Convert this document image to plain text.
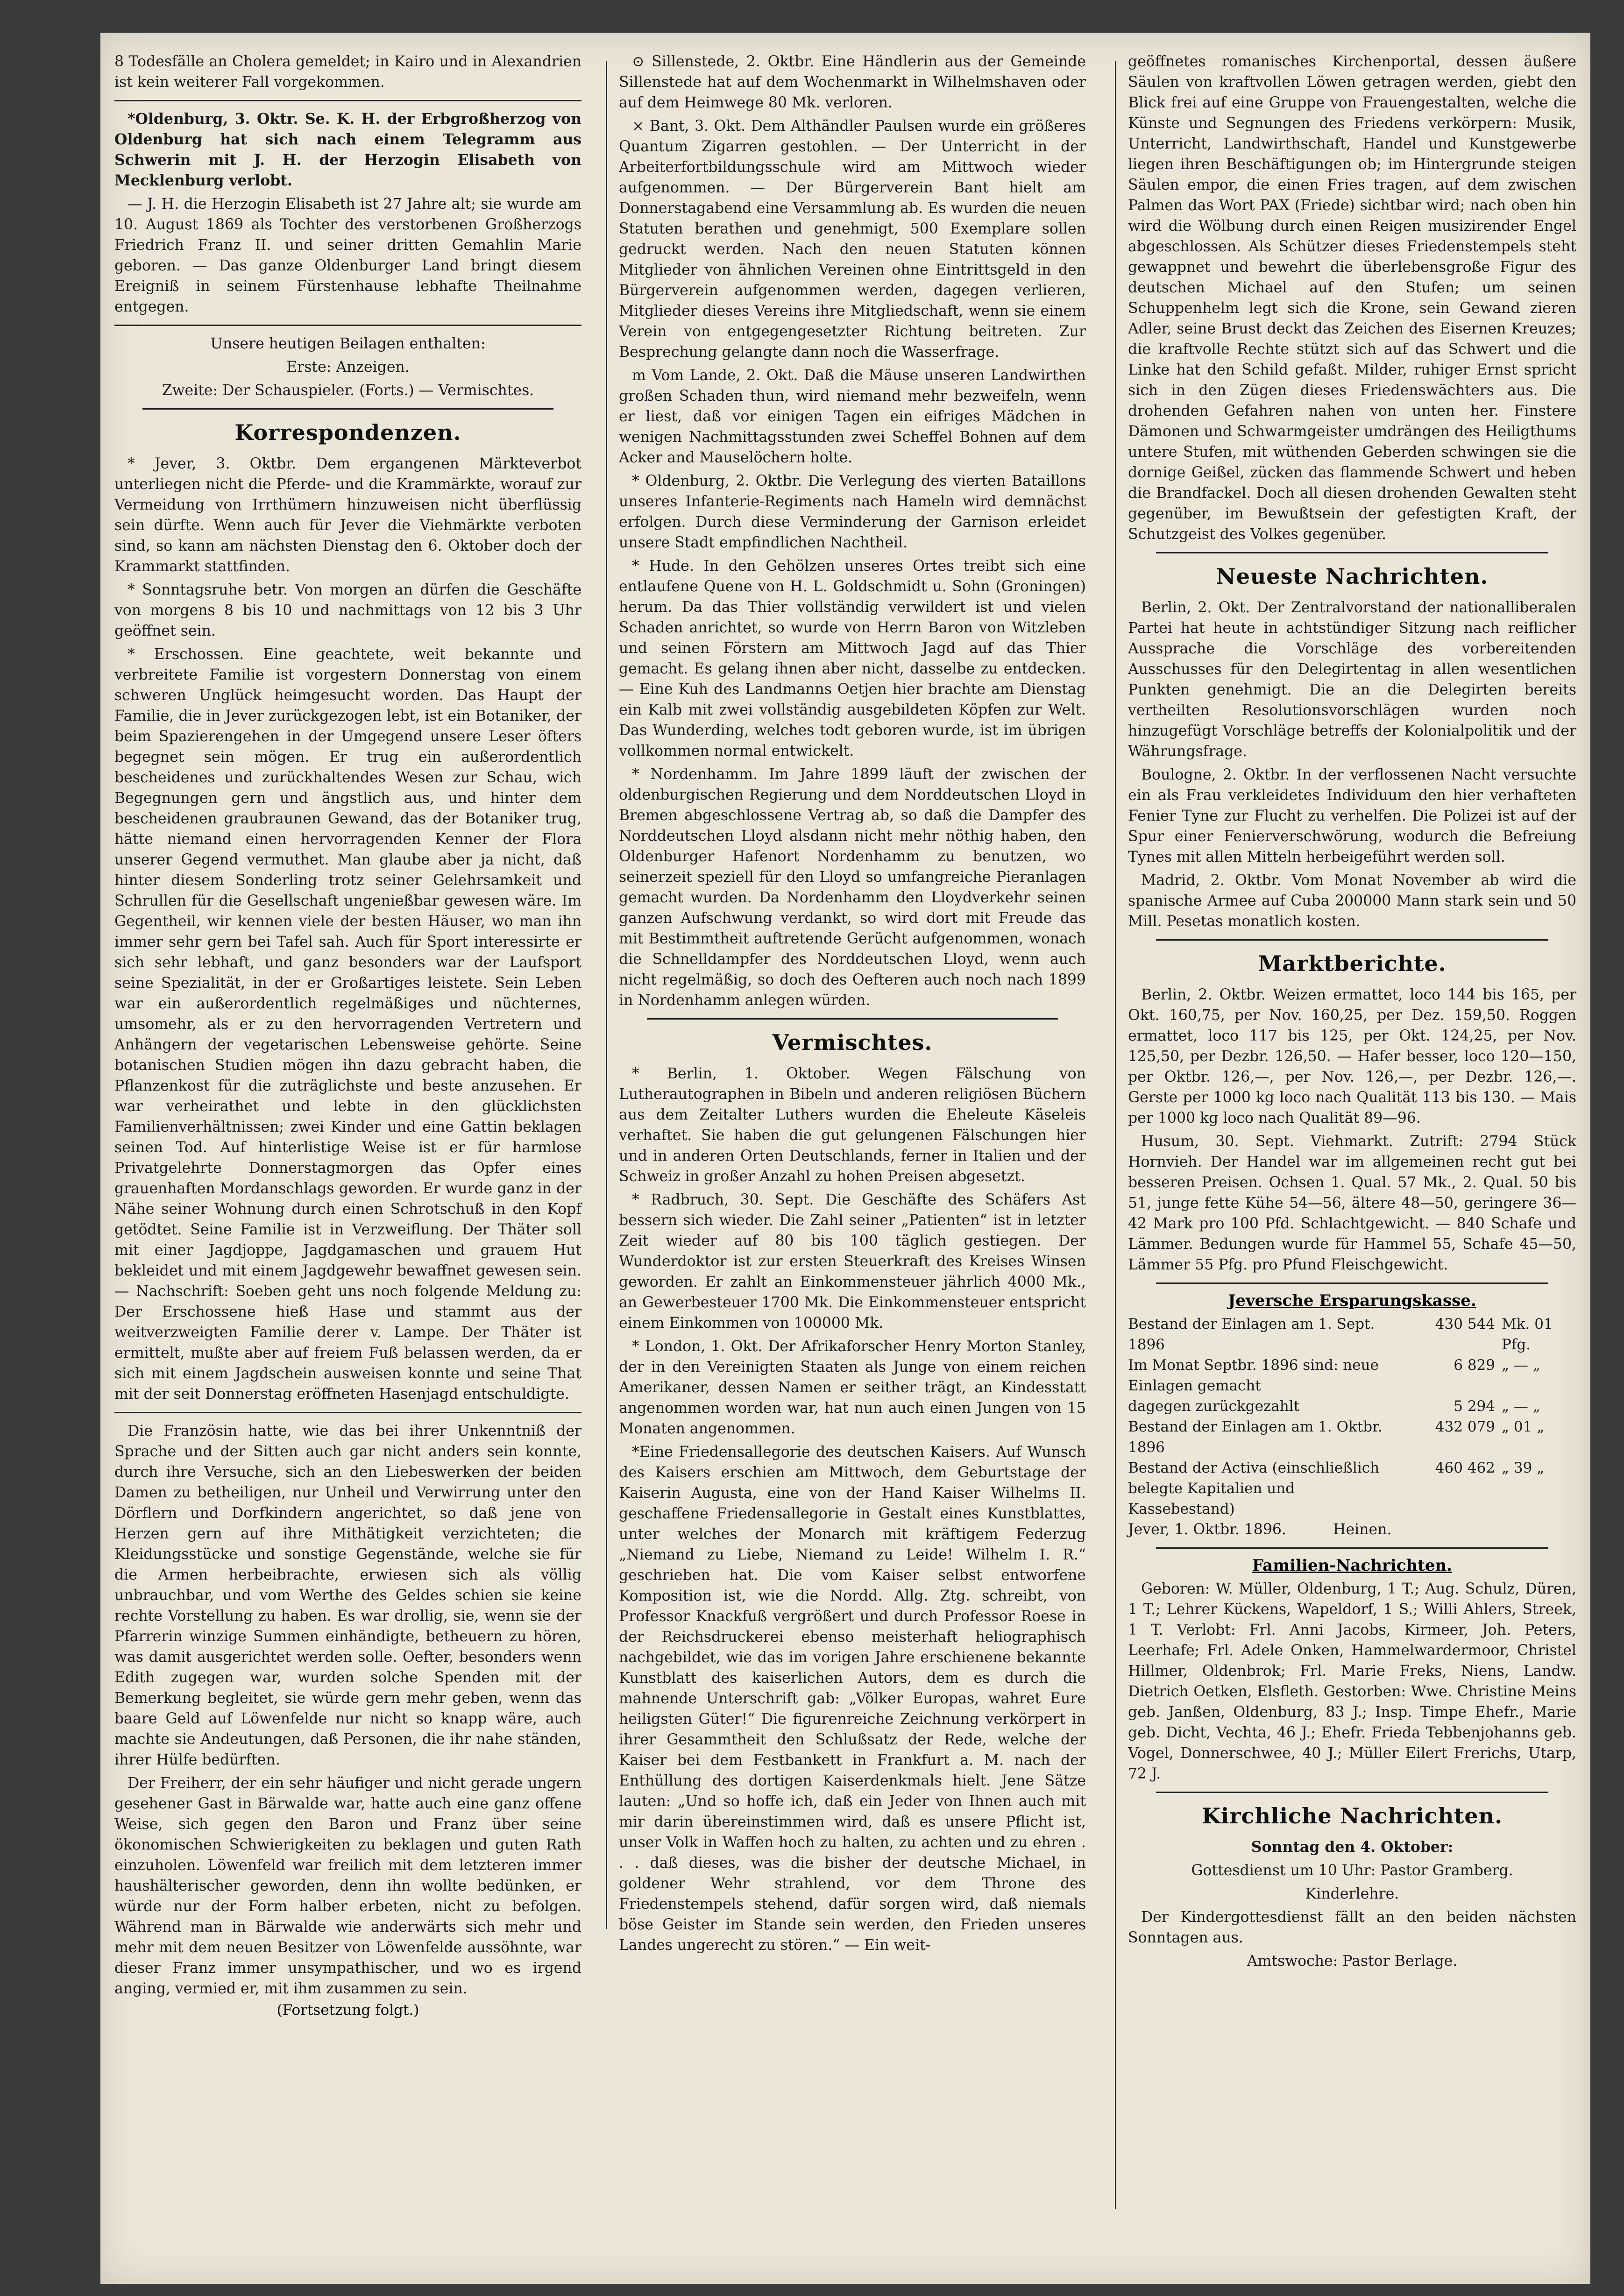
8 Todesfälle an Cholera gemeldet; in Kairo und in Alexandrien ist kein weiterer Fall vorgekommen.

*Oldenburg, 3. Oktr. Se. K. H. der Erbgroßherzog von Oldenburg hat sich nach einem Telegramm aus Schwerin mit J. H. der Herzogin Elisabeth von Mecklenburg verlobt.

— J. H. die Herzogin Elisabeth ist 27 Jahre alt; sie wurde am 10. August 1869 als Tochter des verstorbenen Großherzogs Friedrich Franz II. und seiner dritten Gemahlin Marie geboren. — Das ganze Oldenburger Land bringt diesem Ereigniß in seinem Fürstenhause lebhafte Theilnahme entgegen.

Unsere heutigen Beilagen enthalten:

Erste: Anzeigen.

Zweite: Der Schauspieler. (Forts.) — Vermischtes.

Korrespondenzen.

* Jever, 3. Oktbr. Dem ergangenen Märkteverbot unterliegen nicht die Pferde- und die Krammärkte, worauf zur Vermeidung von Irrthümern hinzuweisen nicht überflüssig sein dürfte. Wenn auch für Jever die Viehmärkte verboten sind, so kann am nächsten Dienstag den 6. Oktober doch der Krammarkt stattfinden.

* Sonntagsruhe betr. Von morgen an dürfen die Geschäfte von morgens 8 bis 10 und nachmittags von 12 bis 3 Uhr geöffnet sein.

* Erschossen. Eine geachtete, weit bekannte und verbreitete Familie ist vorgestern Donnerstag von einem schweren Unglück heimgesucht worden. Das Haupt der Familie, die in Jever zurückgezogen lebt, ist ein Botaniker, der beim Spazierengehen in der Umgegend unsere Leser öfters begegnet sein mögen. Er trug ein außerordentlich bescheidenes und zurückhaltendes Wesen zur Schau, wich Begegnungen gern und ängstlich aus, und hinter dem bescheidenen graubraunen Gewand, das der Botaniker trug, hätte niemand einen hervorragenden Kenner der Flora unserer Gegend vermuthet. Man glaube aber ja nicht, daß hinter diesem Sonderling trotz seiner Gelehrsamkeit und Schrullen für die Gesellschaft ungenießbar gewesen wäre. Im Gegentheil, wir kennen viele der besten Häuser, wo man ihn immer sehr gern bei Tafel sah. Auch für Sport interessirte er sich sehr lebhaft, und ganz besonders war der Laufsport seine Spezialität, in der er Großartiges leistete. Sein Leben war ein außerordentlich regelmäßiges und nüchternes, umsomehr, als er zu den hervorragenden Vertretern und Anhängern der vegetarischen Lebensweise gehörte. Seine botanischen Studien mögen ihn dazu gebracht haben, die Pflanzenkost für die zuträglichste und beste anzusehen. Er war verheirathet und lebte in den glücklichsten Familienverhältnissen; zwei Kinder und eine Gattin beklagen seinen Tod. Auf hinterlistige Weise ist er für harmlose Privatgelehrte Donnerstagmorgen das Opfer eines grauenhaften Mordanschlags geworden. Er wurde ganz in der Nähe seiner Wohnung durch einen Schrotschuß in den Kopf getödtet. Seine Familie ist in Verzweiflung. Der Thäter soll mit einer Jagdjoppe, Jagdgamaschen und grauem Hut bekleidet und mit einem Jagdgewehr bewaffnet gewesen sein. — Nachschrift: Soeben geht uns noch folgende Meldung zu: Der Erschossene hieß Hase und stammt aus der weitverzweigten Familie derer v. Lampe. Der Thäter ist ermittelt, mußte aber auf freiem Fuß belassen werden, da er sich mit einem Jagdschein ausweisen konnte und seine That mit der seit Donnerstag eröffneten Hasenjagd entschuldigte.

Die Französin hatte, wie das bei ihrer Unkenntniß der Sprache und der Sitten auch gar nicht anders sein konnte, durch ihre Versuche, sich an den Liebeswerken der beiden Damen zu betheiligen, nur Unheil und Verwirrung unter den Dörflern und Dorfkindern angerichtet, so daß jene von Herzen gern auf ihre Mithätigkeit verzichteten; die Kleidungsstücke und sonstige Gegenstände, welche sie für die Armen herbeibrachte, erwiesen sich als völlig unbrauchbar, und vom Werthe des Geldes schien sie keine rechte Vorstellung zu haben. Es war drollig, sie, wenn sie der Pfarrerin winzige Summen einhändigte, betheuern zu hören, was damit ausgerichtet werden solle. Oefter, besonders wenn Edith zugegen war, wurden solche Spenden mit der Bemerkung begleitet, sie würde gern mehr geben, wenn das baare Geld auf Löwenfelde nur nicht so knapp wäre, auch machte sie Andeutungen, daß Personen, die ihr nahe ständen, ihrer Hülfe bedürften.

Der Freiherr, der ein sehr häufiger und nicht gerade ungern gesehener Gast in Bärwalde war, hatte auch eine ganz offene Weise, sich gegen den Baron und Franz über seine ökonomischen Schwierigkeiten zu beklagen und guten Rath einzuholen. Löwenfeld war freilich mit dem letzteren immer haushälterischer geworden, denn ihn wollte bedünken, er würde nur der Form halber erbeten, nicht zu befolgen. Während man in Bärwalde wie anderwärts sich mehr und mehr mit dem neuen Besitzer von Löwenfelde aussöhnte, war dieser Franz immer unsympathischer, und wo es irgend anging, vermied er, mit ihm zusammen zu sein.

(Fortsetzung folgt.)

⊙ Sillenstede, 2. Oktbr. Eine Händlerin aus der Gemeinde Sillenstede hat auf dem Wochenmarkt in Wilhelmshaven oder auf dem Heimwege 80 Mk. verloren.

× Bant, 3. Okt. Dem Althändler Paulsen wurde ein größeres Quantum Zigarren gestohlen. — Der Unterricht in der Arbeiterfortbildungsschule wird am Mittwoch wieder aufgenommen. — Der Bürgerverein Bant hielt am Donnerstagabend eine Versammlung ab. Es wurden die neuen Statuten berathen und genehmigt, 500 Exemplare sollen gedruckt werden. Nach den neuen Statuten können Mitglieder von ähnlichen Vereinen ohne Eintrittsgeld in den Bürgerverein aufgenommen werden, dagegen verlieren, Mitglieder dieses Vereins ihre Mitgliedschaft, wenn sie einem Verein von entgegengesetzter Richtung beitreten. Zur Besprechung gelangte dann noch die Wasserfrage.

m Vom Lande, 2. Okt. Daß die Mäuse unseren Landwirthen großen Schaden thun, wird niemand mehr bezweifeln, wenn er liest, daß vor einigen Tagen ein eifriges Mädchen in wenigen Nachmittagsstunden zwei Scheffel Bohnen auf dem Acker and Mauselöchern holte.

* Oldenburg, 2. Oktbr. Die Verlegung des vierten Bataillons unseres Infanterie-Regiments nach Hameln wird demnächst erfolgen. Durch diese Verminderung der Garnison erleidet unsere Stadt empfindlichen Nachtheil.

* Hude. In den Gehölzen unseres Ortes treibt sich eine entlaufene Quene von H. L. Goldschmidt u. Sohn (Groningen) herum. Da das Thier vollständig verwildert ist und vielen Schaden anrichtet, so wurde von Herrn Baron von Witzleben und seinen Förstern am Mittwoch Jagd auf das Thier gemacht. Es gelang ihnen aber nicht, dasselbe zu entdecken. — Eine Kuh des Landmanns Oetjen hier brachte am Dienstag ein Kalb mit zwei vollständig ausgebildeten Köpfen zur Welt. Das Wunderding, welches todt geboren wurde, ist im übrigen vollkommen normal entwickelt.

* Nordenhamm. Im Jahre 1899 läuft der zwischen der oldenburgischen Regierung und dem Norddeutschen Lloyd in Bremen abgeschlossene Vertrag ab, so daß die Dampfer des Norddeutschen Lloyd alsdann nicht mehr nöthig haben, den Oldenburger Hafenort Nordenhamm zu benutzen, wo seinerzeit speziell für den Lloyd so umfangreiche Pieranlagen gemacht wurden. Da Nordenhamm den Lloydverkehr seinen ganzen Aufschwung verdankt, so wird dort mit Freude das mit Bestimmtheit auftretende Gerücht aufgenommen, wonach die Schnelldampfer des Norddeutschen Lloyd, wenn auch nicht regelmäßig, so doch des Oefteren auch noch nach 1899 in Nordenhamm anlegen würden.

Vermischtes.

* Berlin, 1. Oktober. Wegen Fälschung von Lutherautographen in Bibeln und anderen religiösen Büchern aus dem Zeitalter Luthers wurden die Eheleute Käseleis verhaftet. Sie haben die gut gelungenen Fälschungen hier und in anderen Orten Deutschlands, ferner in Italien und der Schweiz in großer Anzahl zu hohen Preisen abgesetzt.

* Radbruch, 30. Sept. Die Geschäfte des Schäfers Ast bessern sich wieder. Die Zahl seiner „Patienten“ ist in letzter Zeit wieder auf 80 bis 100 täglich gestiegen. Der Wunderdoktor ist zur ersten Steuerkraft des Kreises Winsen geworden. Er zahlt an Einkommensteuer jährlich 4000 Mk., an Gewerbesteuer 1700 Mk. Die Einkommensteuer entspricht einem Einkommen von 100000 Mk.

* London, 1. Okt. Der Afrikaforscher Henry Morton Stanley, der in den Vereinigten Staaten als Junge von einem reichen Amerikaner, dessen Namen er seither trägt, an Kindesstatt angenommen worden war, hat nun auch einen Jungen von 15 Monaten angenommen.

*Eine Friedensallegorie des deutschen Kaisers. Auf Wunsch des Kaisers erschien am Mittwoch, dem Geburtstage der Kaiserin Augusta, eine von der Hand Kaiser Wilhelms II. geschaffene Friedensallegorie in Gestalt eines Kunstblattes, unter welches der Monarch mit kräftigem Federzug „Niemand zu Liebe, Niemand zu Leide! Wilhelm I. R.“ geschrieben hat. Die vom Kaiser selbst entworfene Komposition ist, wie die Nordd. Allg. Ztg. schreibt, von Professor Knackfuß vergrößert und durch Professor Roese in der Reichsdruckerei ebenso meisterhaft heliographisch nachgebildet, wie das im vorigen Jahre erschienene bekannte Kunstblatt des kaiserlichen Autors, dem es durch die mahnende Unterschrift gab: „Völker Europas, wahret Eure heiligsten Güter!“ Die figurenreiche Zeichnung verkörpert in ihrer Gesammtheit den Schlußsatz der Rede, welche der Kaiser bei dem Festbankett in Frankfurt a. M. nach der Enthüllung des dortigen Kaiserdenkmals hielt. Jene Sätze lauten: „Und so hoffe ich, daß ein Jeder von Ihnen auch mit mir darin übereinstimmen wird, daß es unsere Pflicht ist, unser Volk in Waffen hoch zu halten, zu achten und zu ehren . . . daß dieses, was die bisher der deutsche Michael, in goldener Wehr strahlend, vor dem Throne des Friedenstempels stehend, dafür sorgen wird, daß niemals böse Geister im Stande sein werden, den Frieden unseres Landes ungerecht zu stören.“ — Ein weit-

geöffnetes romanisches Kirchenportal, dessen äußere Säulen von kraftvollen Löwen getragen werden, giebt den Blick frei auf eine Gruppe von Frauengestalten, welche die Künste und Segnungen des Friedens verkörpern: Musik, Unterricht, Landwirthschaft, Handel und Kunstgewerbe liegen ihren Beschäftigungen ob; im Hintergrunde steigen Säulen empor, die einen Fries tragen, auf dem zwischen Palmen das Wort PAX (Friede) sichtbar wird; nach oben hin wird die Wölbung durch einen Reigen musizirender Engel abgeschlossen. Als Schützer dieses Friedenstempels steht gewappnet und bewehrt die überlebensgroße Figur des deutschen Michael auf den Stufen; um seinen Schuppenhelm legt sich die Krone, sein Gewand zieren Adler, seine Brust deckt das Zeichen des Eisernen Kreuzes; die kraftvolle Rechte stützt sich auf das Schwert und die Linke hat den Schild gefaßt. Milder, ruhiger Ernst spricht sich in den Zügen dieses Friedenswächters aus. Die drohenden Gefahren nahen von unten her. Finstere Dämonen und Schwarmgeister umdrängen des Heiligthums untere Stufen, mit wüthenden Geberden schwingen sie die dornige Geißel, zücken das flammende Schwert und heben die Brandfackel. Doch all diesen drohenden Gewalten steht gegenüber, im Bewußtsein der gefestigten Kraft, der Schutzgeist des Volkes gegenüber.

Neueste Nachrichten.

Berlin, 2. Okt. Der Zentralvorstand der nationalliberalen Partei hat heute in achtstündiger Sitzung nach reiflicher Aussprache die Vorschläge des vorbereitenden Ausschusses für den Delegirtentag in allen wesentlichen Punkten genehmigt. Die an die Delegirten bereits vertheilten Resolutionsvorschlägen wurden noch hinzugefügt Vorschläge betreffs der Kolonialpolitik und der Währungsfrage.

Boulogne, 2. Oktbr. In der verflossenen Nacht versuchte ein als Frau verkleidetes Individuum den hier verhafteten Fenier Tyne zur Flucht zu verhelfen. Die Polizei ist auf der Spur einer Fenierverschwörung, wodurch die Befreiung Tynes mit allen Mitteln herbeigeführt werden soll.

Madrid, 2. Oktbr. Vom Monat November ab wird die spanische Armee auf Cuba 200000 Mann stark sein und 50 Mill. Pesetas monatlich kosten.

Marktberichte.

Berlin, 2. Oktbr. Weizen ermattet, loco 144 bis 165, per Okt. 160,75, per Nov. 160,25, per Dez. 159,50. Roggen ermattet, loco 117 bis 125, per Okt. 124,25, per Nov. 125,50, per Dezbr. 126,50. — Hafer besser, loco 120—150, per Oktbr. 126,—, per Nov. 126,—, per Dezbr. 126,—. Gerste per 1000 kg loco nach Qualität 113 bis 130. — Mais per 1000 kg loco nach Qualität 89—96.

Husum, 30. Sept. Viehmarkt. Zutrift: 2794 Stück Hornvieh. Der Handel war im allgemeinen recht gut bei besseren Preisen. Ochsen 1. Qual. 57 Mk., 2. Qual. 50 bis 51, junge fette Kühe 54—56, ältere 48—50, geringere 36—42 Mark pro 100 Pfd. Schlachtgewicht. — 840 Schafe und Lämmer. Bedungen wurde für Hammel 55, Schafe 45—50, Lämmer 55 Pfg. pro Pfund Fleischgewicht.

Jeversche Ersparungskasse.
Bestand der Einlagen am 1. Sept. 1896
430 544 Mk. 01 Pfg.
Im Monat Septbr. 1896 sind: neue Einlagen gemacht
6 829 „ — „
dagegen zurückgezahlt	5 294 „ — „
Bestand der Einlagen am 1. Oktbr. 1896
432 079 „ 01 „
Bestand der Activa (einschließlich belegte Kapitalien und Kassebestand)
460 462 „ 39 „

Jever, 1. Oktbr. 1896.          Heinen.

Familien-Nachrichten.

Geboren: W. Müller, Oldenburg, 1 T.; Aug. Schulz, Düren, 1 T.; Lehrer Kückens, Wapeldorf, 1 S.; Willi Ahlers, Streek, 1 T. Verlobt: Frl. Anni Jacobs, Kirmeer, Joh. Peters, Leerhafe; Frl. Adele Onken, Hammelwardermoor, Christel Hillmer, Oldenbrok; Frl. Marie Freks, Niens, Landw. Dietrich Oetken, Elsfleth. Gestorben: Wwe. Christine Meins geb. Janßen, Oldenburg, 83 J.; Insp. Timpe Ehefr., Marie geb. Dicht, Vechta, 46 J.; Ehefr. Frieda Tebbenjohanns geb. Vogel, Donnerschwee, 40 J.; Müller Eilert Frerichs, Utarp, 72 J.

Kirchliche Nachrichten.

Sonntag den 4. Oktober:

Gottesdienst um 10 Uhr: Pastor Gramberg.

Kinderlehre.

Der Kindergottesdienst fällt an den beiden nächsten Sonntagen aus.

Amtswoche: Pastor Berlage.
